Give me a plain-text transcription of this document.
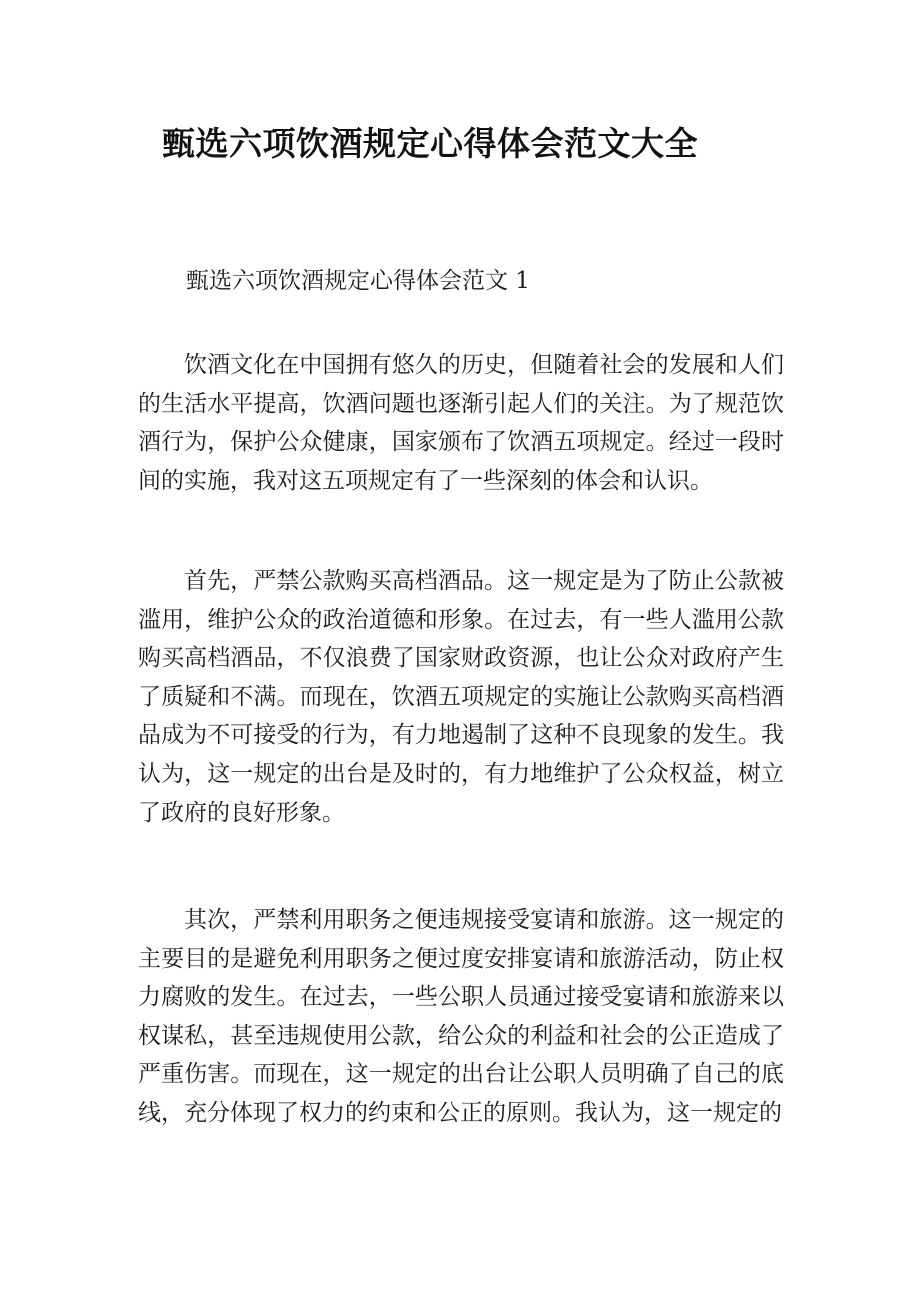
甄选六项饮酒规定心得体会范文大全
甄选六项饮酒规定心得体会范文 1

饮酒文化在中国拥有悠久的历史，但随着社会的发展和人们的生活水平提高，饮酒问题也逐渐引起人们的关注。为了规范饮酒行为，保护公众健康，国家颁布了饮酒五项规定。经过一段时间的实施，我对这五项规定有了一些深刻的体会和认识。

首先，严禁公款购买高档酒品。这一规定是为了防止公款被滥用，维护公众的政治道德和形象。在过去，有一些人滥用公款购买高档酒品，不仅浪费了国家财政资源，也让公众对政府产生了质疑和不满。而现在，饮酒五项规定的实施让公款购买高档酒品成为不可接受的行为，有力地遏制了这种不良现象的发生。我认为，这一规定的出台是及时的，有力地维护了公众权益，树立了政府的良好形象。

其次，严禁利用职务之便违规接受宴请和旅游。这一规定的主要目的是避免利用职务之便过度安排宴请和旅游活动，防止权力腐败的发生。在过去，一些公职人员通过接受宴请和旅游来以权谋私，甚至违规使用公款，给公众的利益和社会的公正造成了严重伤害。而现在，这一规定的出台让公职人员明确了自己的底线，充分体现了权力的约束和公正的原则。我认为，这一规定的
